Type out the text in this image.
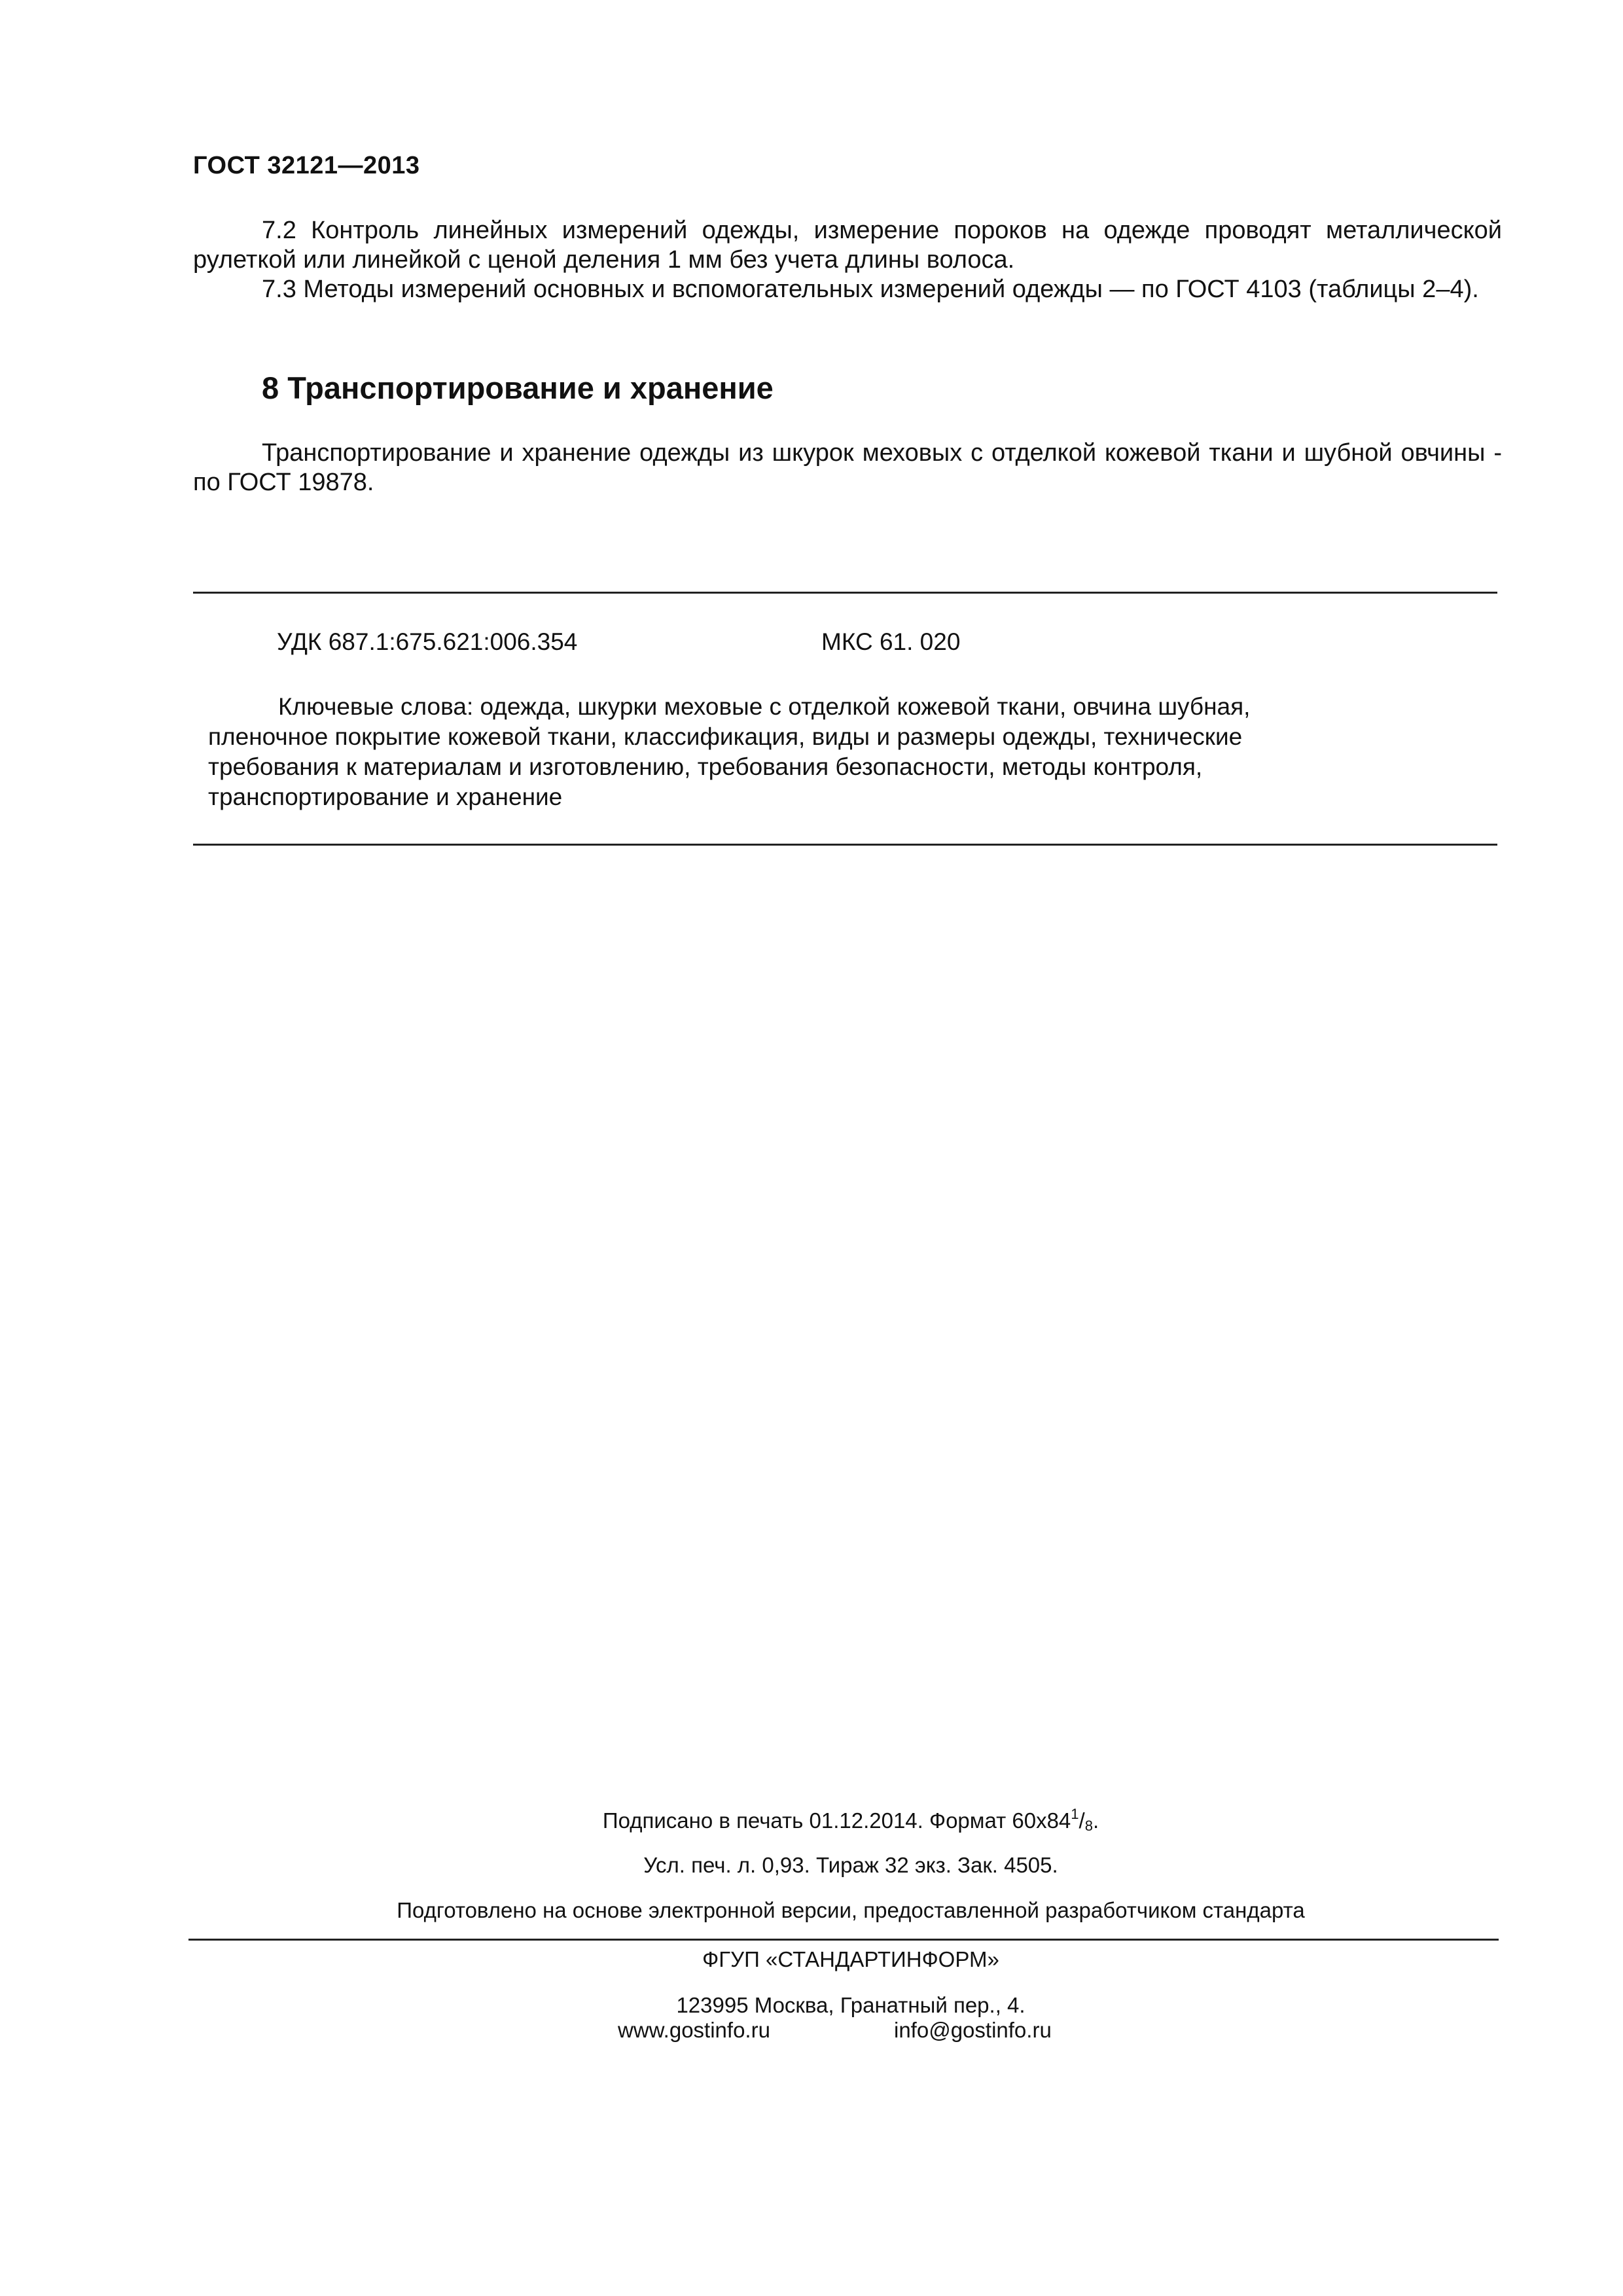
ГОСТ 32121—2013
7.2 Контроль линейных измерений одежды, измерение пороков на одежде проводят металлической рулеткой или линейкой с ценой деления 1 мм без учета длины волоса.
7.3 Методы измерений основных и вспомогательных измерений одежды — по ГОСТ 4103 (таблицы 2–4).
8 Транспортирование и хранение
Транспортирование и хранение одежды из шкурок меховых с отделкой кожевой ткани и шубной овчины - по ГОСТ 19878.
УДК 687.1:675.621:006.354	МКС 61. 020
Ключевые слова: одежда, шкурки меховые с отделкой кожевой ткани, овчина шубная,
пленочное покрытие кожевой ткани, классификация, виды и размеры одежды, технические
требования к материалам и изготовлению, требования безопасности, методы контроля,
транспортирование и хранение
Подписано в печать 01.12.2014. Формат $60x84^1/_8$.
Усл. печ. л. 0,93. Тираж 32 экз. Зак. 4505.
Подготовлено на основе электронной версии, предоставленной разработчиком стандарта
ФГУП «СТАНДАРТИНФОРМ»
123995 Москва, Гранатный пер., 4.
www.gostinfo.ru	info@gostinfo.ru
